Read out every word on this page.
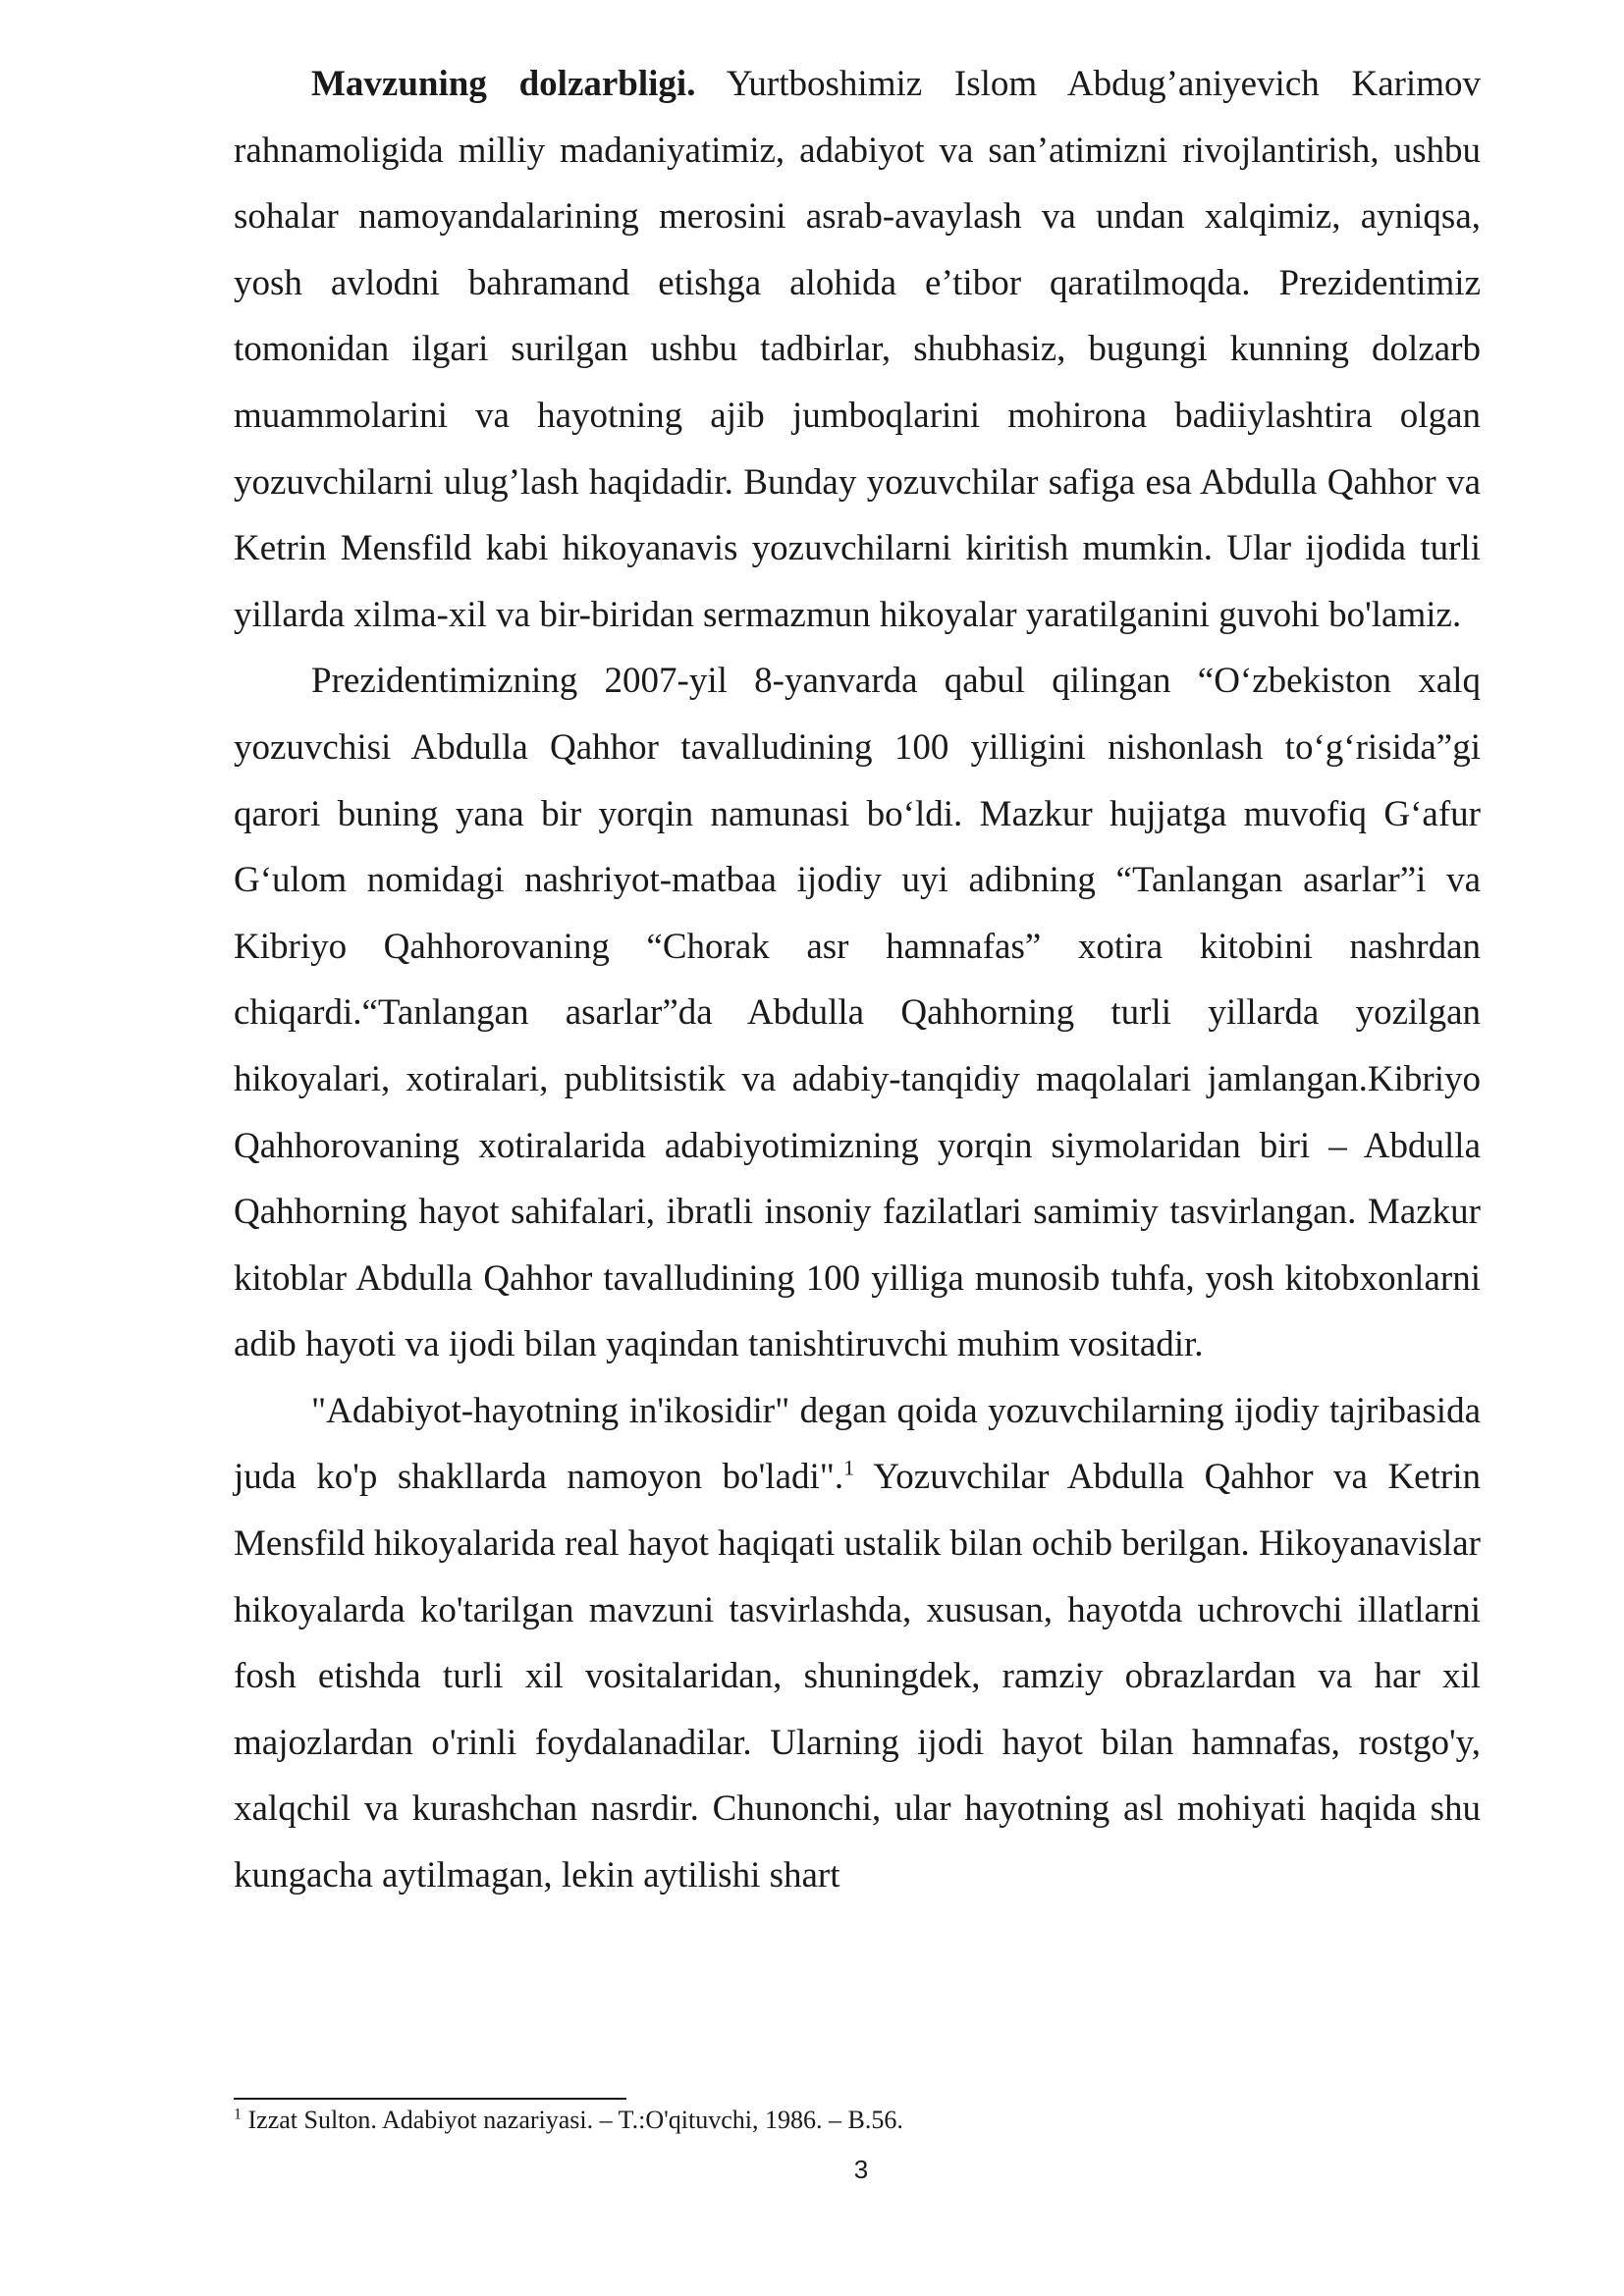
Mavzuning dolzarbligi. Yurtboshimiz Islom Abdug’aniyevich Karimov rahnamoligida milliy madaniyatimiz, adabiyot va san’atimizni rivojlantirish, ushbu sohalar namoyandalarining merosini asrab-avaylash va undan xalqimiz, ayniqsa, yosh avlodni bahramand etishga alohida e’tibor qaratilmoqda. Prezidentimiz tomonidan ilgari surilgan ushbu tadbirlar, shubhasiz, bugungi kunning dolzarb muammolarini va hayotning ajib jumboqlarini mohirona badiiylashtira olgan yozuvchilarni ulug’lash haqidadir. Bunday yozuvchilar safiga esa Abdulla Qahhor va Ketrin Mensfild kabi hikoyanavis yozuvchilarni kiritish mumkin. Ular ijodida turli yillarda xilma-xil va bir-biridan sermazmun hikoyalar yaratilganini guvohi bo'lamiz.

Prezidentimizning 2007-yil 8-yanvarda qabul qilingan “O‘zbekiston xalq yozuvchisi Abdulla Qahhor tavalludining 100 yilligini nishonlash to‘g‘risida”gi qarori buning yana bir yorqin namunasi bo‘ldi. Mazkur hujjatga muvofiq G‘afur G‘ulom nomidagi nashriyot-matbaa ijodiy uyi adibning “Tanlangan asarlar”i va Kibriyo Qahhorovaning “Chorak asr hamnafas” xotira kitobini nashrdan chiqardi.“Tanlangan asarlar”da Abdulla Qahhorning turli yillarda yozilgan hikoyalari, xotiralari, publitsistik va adabiy-tanqidiy maqolalari jamlangan.Kibriyo Qahhorovaning xotiralarida adabiyotimizning yorqin siymolaridan biri – Abdulla Qahhorning hayot sahifalari, ibratli insoniy fazilatlari samimiy tasvirlangan. Mazkur kitoblar Abdulla Qahhor tavalludining 100 yilliga munosib tuhfa, yosh kitobxonlarni adib hayoti va ijodi bilan yaqindan tanishtiruvchi muhim vositadir.

"Adabiyot-hayotning in'ikosidir" degan qoida yozuvchilarning ijodiy tajribasida juda ko'p shakllarda namoyon bo'ladi".$^1$ Yozuvchilar Abdulla Qahhor va Ketrin Mensfild hikoyalarida real hayot haqiqati ustalik bilan ochib berilgan. Hikoyanavislar hikoyalarda ko'tarilgan mavzuni tasvirlashda, xususan, hayotda uchrovchi illatlarni fosh etishda turli xil vositalaridan, shuningdek, ramziy obrazlardan va har xil majozlardan o'rinli foydalanadilar. Ularning ijodi hayot bilan hamnafas, rostgo'y, xalqchil va kurashchan nasrdir. Chunonchi, ular hayotning asl mohiyati haqida shu kungacha aytilmagan, lekin aytilishi shart

$^1$ Izzat Sulton. Adabiyot nazariyasi. – T.:O'qituvchi, 1986. – B.56.
3
